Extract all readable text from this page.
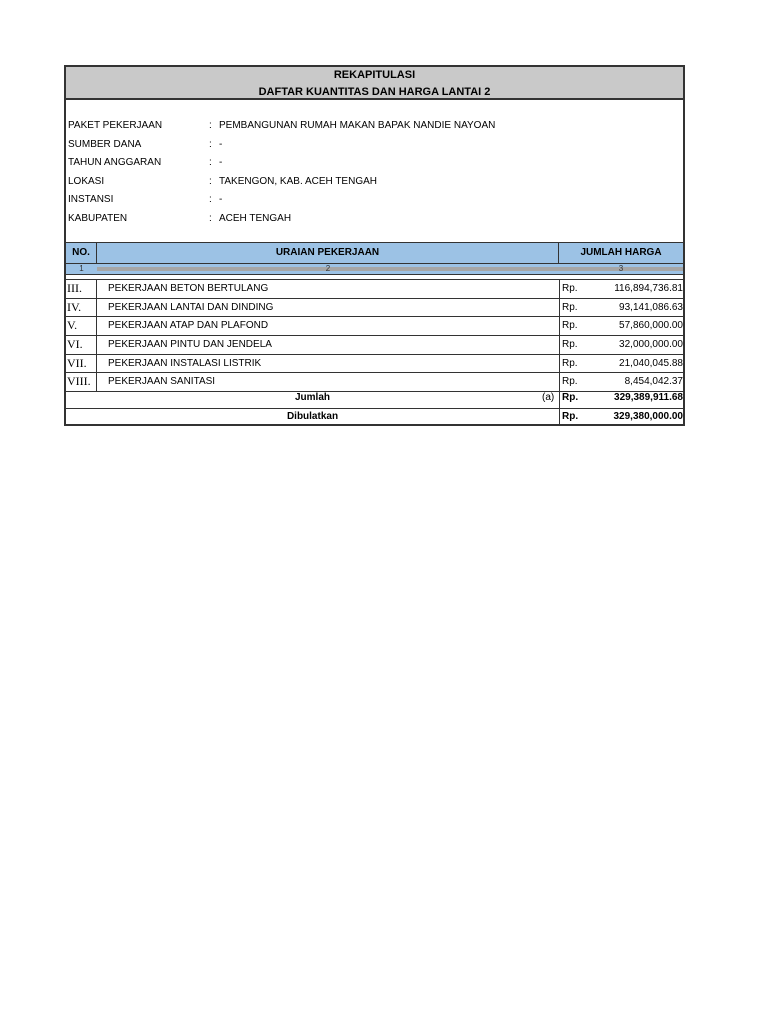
REKAPITULASI
DAFTAR KUANTITAS DAN HARGA LANTAI 2
PAKET PEKERJAAN	: PEMBANGUNAN RUMAH MAKAN BAPAK NANDIE NAYOAN
SUMBER DANA	: -
TAHUN ANGGARAN	: -
LOKASI	: TAKENGON, KAB. ACEH TENGAH
INSTANSI	: -
KABUPATEN	: ACEH TENGAH
NO.	URAIAN PEKERJAAN	JUMLAH HARGA
1	2	3
III.	PEKERJAAN BETON BERTULANG	Rp.	116,894,736.81
IV.	PEKERJAAN LANTAI DAN DINDING	Rp.	93,141,086.63
V.	PEKERJAAN ATAP DAN PLAFOND	Rp.	57,860,000.00
VI.	PEKERJAAN PINTU DAN JENDELA	Rp.	32,000,000.00
VII.	PEKERJAAN INSTALASI LISTRIK	Rp.	21,040,045.88
VIII.	PEKERJAAN SANITASI	Rp.	8,454,042.37
Jumlah	(a) Rp.	329,389,911.68
Dibulatkan	Rp.	329,380,000.00
